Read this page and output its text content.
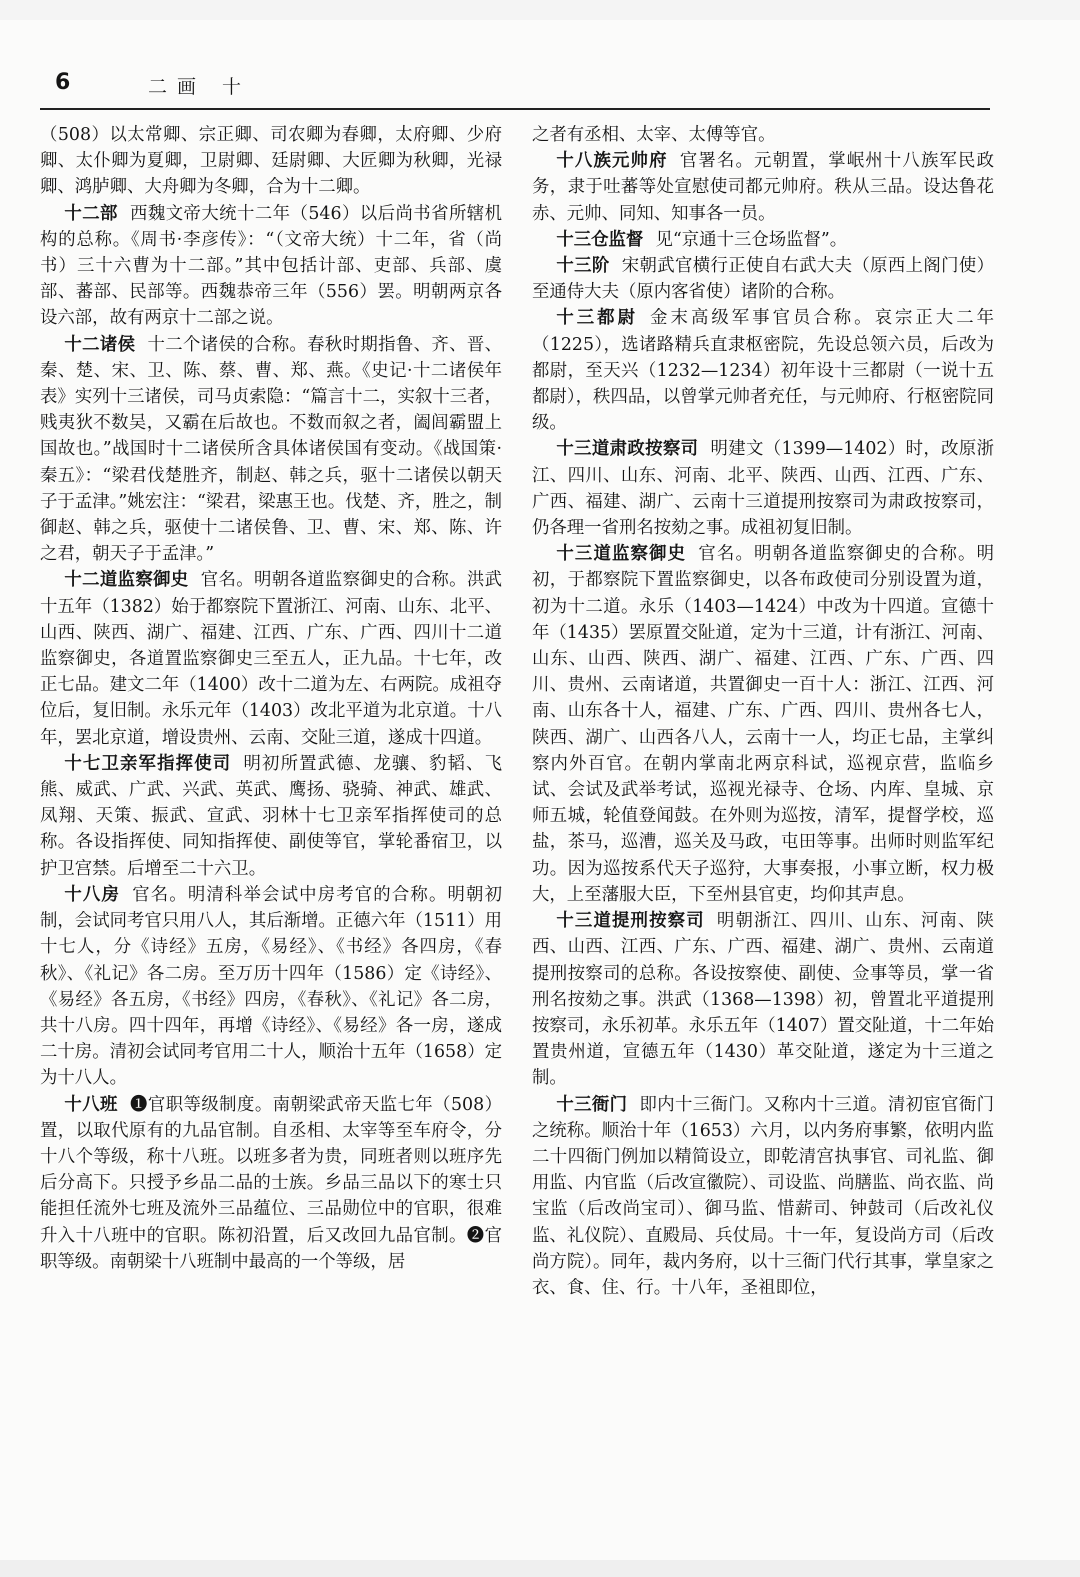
6	二画 十

（508）以太常卿、宗正卿、司农卿为春卿，太府卿、少府卿、太仆卿为夏卿，卫尉卿、廷尉卿、大匠卿为秋卿，光禄卿、鸿胪卿、大舟卿为冬卿，合为十二卿。

十二部 西魏文帝大统十二年（546）以后尚书省所辖机构的总称。《周书·李彦传》：“（文帝大统）十二年，省（尚书）三十六曹为十二部。”其中包括计部、吏部、兵部、虞部、蕃部、民部等。西魏恭帝三年（556）罢。明朝两京各设六部，故有两京十二部之说。

十二诸侯 十二个诸侯的合称。春秋时期指鲁、齐、晋、秦、楚、宋、卫、陈、蔡、曹、郑、燕。《史记·十二诸侯年表》实列十三诸侯，司马贞索隐：“篇言十二，实叙十三者，贱夷狄不数吴，又霸在后故也。不数而叙之者，阖闾霸盟上国故也。”战国时十二诸侯所含具体诸侯国有变动。《战国策·秦五》：“梁君伐楚胜齐，制赵、韩之兵，驱十二诸侯以朝天子于孟津。”姚宏注：“梁君，梁惠王也。伐楚、齐，胜之，制御赵、韩之兵，驱使十二诸侯鲁、卫、曹、宋、郑、陈、许之君，朝天子于孟津。”

十二道监察御史 官名。明朝各道监察御史的合称。洪武十五年（1382）始于都察院下置浙江、河南、山东、北平、山西、陕西、湖广、福建、江西、广东、广西、四川十二道监察御史，各道置监察御史三至五人，正九品。十七年，改正七品。建文二年（1400）改十二道为左、右两院。成祖夺位后，复旧制。永乐元年（1403）改北平道为北京道。十八年，罢北京道，增设贵州、云南、交阯三道，遂成十四道。

十七卫亲军指挥使司 明初所置武德、龙骧、豹韬、飞熊、威武、广武、兴武、英武、鹰扬、骁骑、神武、雄武、凤翔、天策、振武、宣武、羽林十七卫亲军指挥使司的总称。各设指挥使、同知指挥使、副使等官，掌轮番宿卫，以护卫宫禁。后增至二十六卫。

十八房 官名。明清科举会试中房考官的合称。明朝初制，会试同考官只用八人，其后渐增。正德六年（1511）用十七人，分《诗经》五房，《易经》、《书经》各四房，《春秋》、《礼记》各二房。至万历十四年（1586）定《诗经》、《易经》各五房，《书经》四房，《春秋》、《礼记》各二房，共十八房。四十四年，再增《诗经》、《易经》各一房，遂成二十房。清初会试同考官用二十人，顺治十五年（1658）定为十八人。

十八班 ❶官职等级制度。南朝梁武帝天监七年（508）置，以取代原有的九品官制。自丞相、太宰等至车府令，分十八个等级，称十八班。以班多者为贵，同班者则以班序先后分高下。只授予乡品二品的士族。乡品三品以下的寒士只能担任流外七班及流外三品蕴位、三品勋位中的官职，很难升入十八班中的官职。陈初沿置，后又改回九品官制。❷官职等级。南朝梁十八班制中最高的一个等级，居

之者有丞相、太宰、太傅等官。

十八族元帅府 官署名。元朝置，掌岷州十八族军民政务，隶于吐蕃等处宣慰使司都元帅府。秩从三品。设达鲁花赤、元帅、同知、知事各一员。

十三仓监督 见“京通十三仓场监督”。

十三阶 宋朝武官横行正使自右武大夫（原西上阁门使）至通侍大夫（原内客省使）诸阶的合称。

十三都尉 金末高级军事官员合称。哀宗正大二年（1225），选诸路精兵直隶枢密院，先设总领六员，后改为都尉，至天兴（1232—1234）初年设十三都尉（一说十五都尉），秩四品，以曾掌元帅者充任，与元帅府、行枢密院同级。

十三道肃政按察司 明建文（1399—1402）时，改原浙江、四川、山东、河南、北平、陕西、山西、江西、广东、广西、福建、湖广、云南十三道提刑按察司为肃政按察司，仍各理一省刑名按劾之事。成祖初复旧制。

十三道监察御史 官名。明朝各道监察御史的合称。明初，于都察院下置监察御史，以各布政使司分别设置为道，初为十二道。永乐（1403—1424）中改为十四道。宣德十年（1435）罢原置交阯道，定为十三道，计有浙江、河南、山东、山西、陕西、湖广、福建、江西、广东、广西、四川、贵州、云南诸道，共置御史一百十人：浙江、江西、河南、山东各十人，福建、广东、广西、四川、贵州各七人，陕西、湖广、山西各八人，云南十一人，均正七品，主掌纠察内外百官。在朝内掌南北两京科试，巡视京营，监临乡试、会试及武举考试，巡视光禄寺、仓场、内库、皇城、京师五城，轮值登闻鼓。在外则为巡按，清军，提督学校，巡盐，茶马，巡漕，巡关及马政，屯田等事。出师时则监军纪功。因为巡按系代天子巡狩，大事奏报，小事立断，权力极大，上至藩服大臣，下至州县官吏，均仰其声息。

十三道提刑按察司 明朝浙江、四川、山东、河南、陕西、山西、江西、广东、广西、福建、湖广、贵州、云南道提刑按察司的总称。各设按察使、副使、佥事等员，掌一省刑名按劾之事。洪武（1368—1398）初，曾置北平道提刑按察司，永乐初革。永乐五年（1407）置交阯道，十二年始置贵州道，宣德五年（1430）革交阯道，遂定为十三道之制。

十三衙门 即内十三衙门。又称内十三道。清初宦官衙门之统称。顺治十年（1653）六月，以内务府事繁，依明内监二十四衙门例加以精简设立，即乾清宫执事官、司礼监、御用监、内官监（后改宣徽院）、司设监、尚膳监、尚衣监、尚宝监（后改尚宝司）、御马监、惜薪司、钟鼓司（后改礼仪监、礼仪院）、直殿局、兵仗局。十一年，复设尚方司（后改尚方院）。同年，裁内务府，以十三衙门代行其事，掌皇家之衣、食、住、行。十八年，圣祖即位，
